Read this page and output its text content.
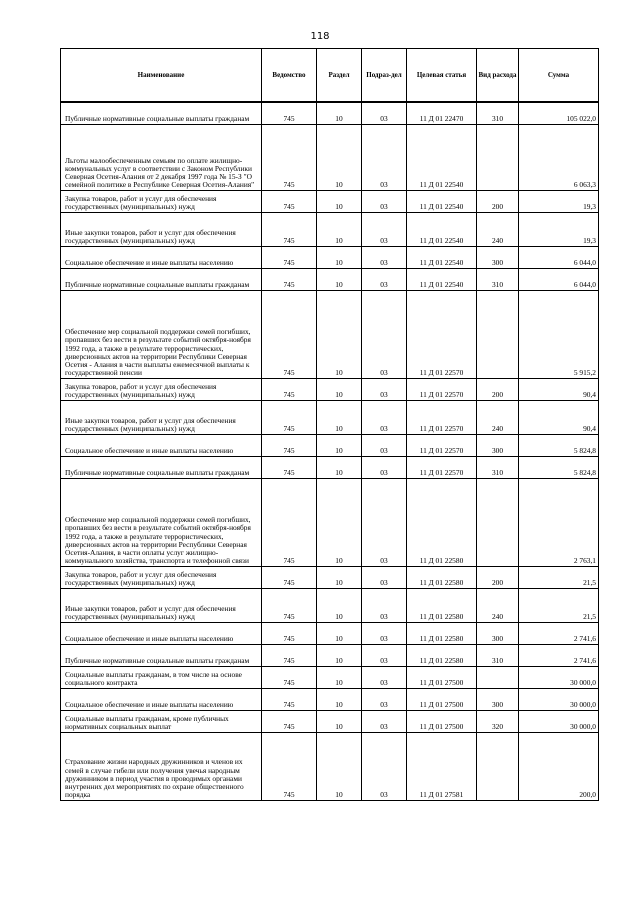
118
Наименование	Ведомство	Раздел	Подраз-дел	Целевая статья	Вид расхода	Сумма
Публичные нормативные социальные выплаты гражданам	745	10	03	11 Д 01 22470	310	105 022,0
Льготы малообеспеченным семьям по оплате жилищно-коммунальных услуг в соответствии с Законом Республики Северная Осетия-Алания от 2 декабря 1997 года № 15-З "О семейной политике в Республике Северная Осетия-Алания"	745	10	03	11 Д 01 22540		6 063,3
Закупка товаров, работ и услуг для обеспечения государственных (муниципальных) нужд	745	10	03	11 Д 01 22540	200	19,3
Иные закупки товаров, работ и услуг для обеспечения государственных (муниципальных) нужд	745	10	03	11 Д 01 22540	240	19,3
Социальное обеспечение и иные выплаты населению	745	10	03	11 Д 01 22540	300	6 044,0
Публичные нормативные социальные выплаты гражданам	745	10	03	11 Д 01 22540	310	6 044,0
Обеспечение мер социальной поддержки семей погибших, пропавших без вести в результате событий октября-ноября 1992 года, а также в результате террористических, диверсионных актов на территории Республики Северная Осетия - Алания в части выплаты ежемесячной выплаты к государственной пенсии	745	10	03	11 Д 01 22570		5 915,2
Закупка товаров, работ и услуг для обеспечения государственных (муниципальных) нужд	745	10	03	11 Д 01 22570	200	90,4
Иные закупки товаров, работ и услуг для обеспечения государственных (муниципальных) нужд	745	10	03	11 Д 01 22570	240	90,4
Социальное обеспечение и иные выплаты населению	745	10	03	11 Д 01 22570	300	5 824,8
Публичные нормативные социальные выплаты гражданам	745	10	03	11 Д 01 22570	310	5 824,8
Обеспечение мер социальной поддержки семей погибших, пропавших без вести в результате событий октября-ноября 1992 года, а также в результате террористических, диверсионных актов на территории Республики Северная Осетия-Алания, в части оплаты услуг жилищно-коммунального хозяйства, транспорта и телефонной связи	745	10	03	11 Д 01 22580		2 763,1
Закупка товаров, работ и услуг для обеспечения государственных (муниципальных) нужд	745	10	03	11 Д 01 22580	200	21,5
Иные закупки товаров, работ и услуг для обеспечения государственных (муниципальных) нужд	745	10	03	11 Д 01 22580	240	21,5
Социальное обеспечение и иные выплаты населению	745	10	03	11 Д 01 22580	300	2 741,6
Публичные нормативные социальные выплаты гражданам	745	10	03	11 Д 01 22580	310	2 741,6
Социальные выплаты гражданам, в том числе на основе социального контракта	745	10	03	11 Д 01 27500		30 000,0
Социальное обеспечение и иные выплаты населению	745	10	03	11 Д 01 27500	300	30 000,0
Социальные выплаты гражданам, кроме публичных нормативных социальных выплат	745	10	03	11 Д 01 27500	320	30 000,0
Страхование жизни народных дружинников и членов их семей в случае гибели или получения увечья народным дружинником в период участия в проводимых органами внутренних дел мероприятиях по охране общественного порядка	745	10	03	11 Д 01 27581		200,0
